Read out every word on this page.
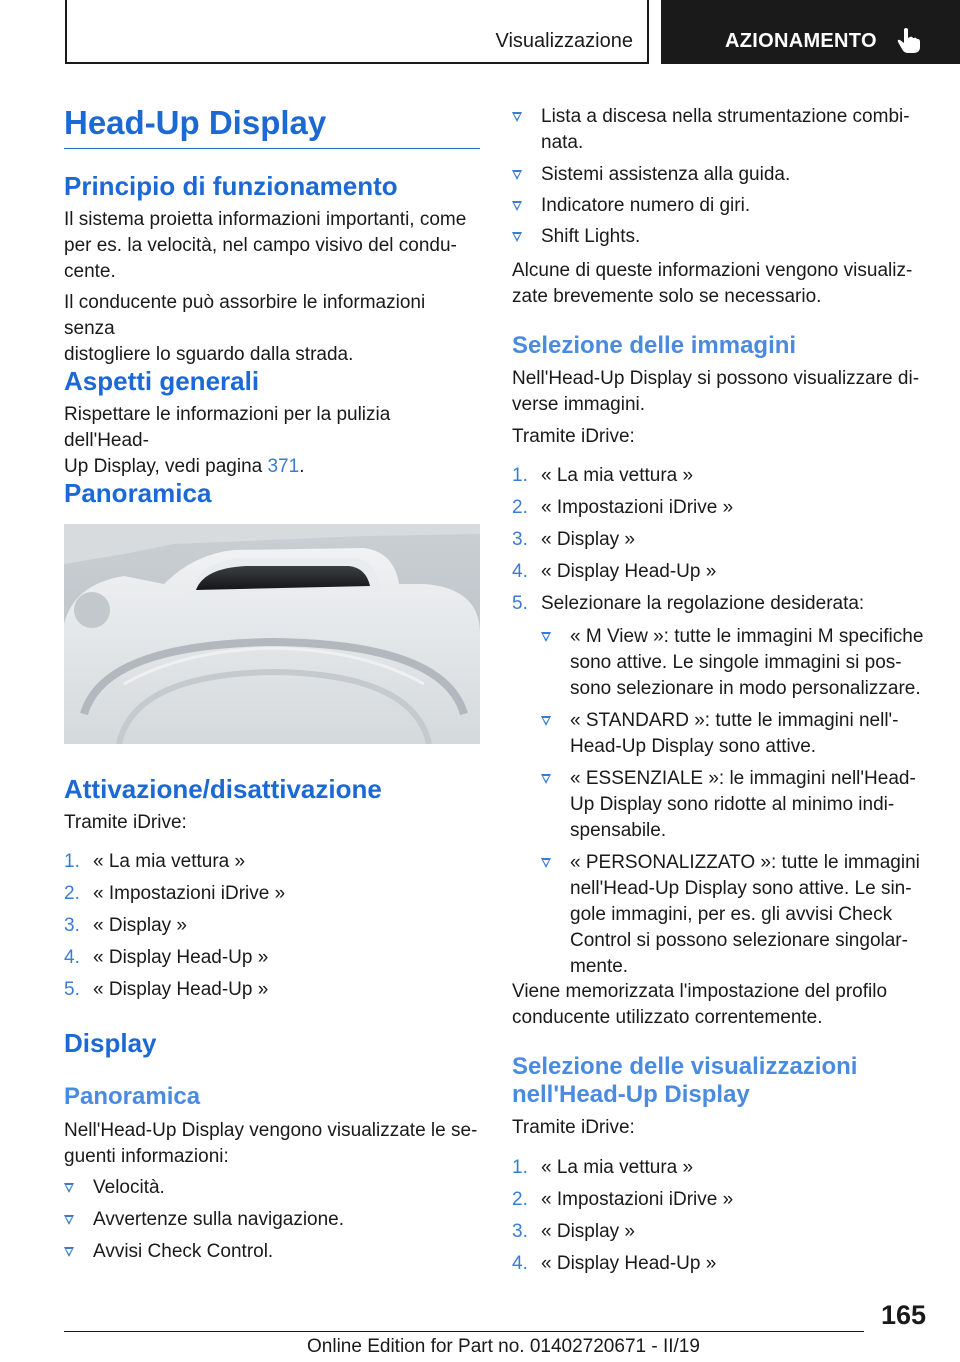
Visualizzazione	AZIONAMENTO
Head-Up Display
Principio di funzionamento
Il sistema proietta informazioni importanti, come
per es. la velocità, nel campo visivo del condu-
cente.
Il conducente può assorbire le informazioni senza
distogliere lo sguardo dalla strada.
Aspetti generali
Rispettare le informazioni per la pulizia dell'Head-
Up Display, vedi pagina 371.
Panoramica
Attivazione/disattivazione
Tramite iDrive:
1. « La mia vettura »
2. « Impostazioni iDrive »
3. « Display »
4. « Display Head-Up »
5. « Display Head-Up »
Display
Panoramica
Nell'Head-Up Display vengono visualizzate le se-
guenti informazioni:
Velocità.
Avvertenze sulla navigazione.
Avvisi Check Control.
Lista a discesa nella strumentazione combi-
nata.
Sistemi assistenza alla guida.
Indicatore numero di giri.
Shift Lights.
Alcune di queste informazioni vengono visualiz-
zate brevemente solo se necessario.
Selezione delle immagini
Nell'Head-Up Display si possono visualizzare di-
verse immagini.
Tramite iDrive:
1. « La mia vettura »
2. « Impostazioni iDrive »
3. « Display »
4. « Display Head-Up »
5. Selezionare la regolazione desiderata:
« M View »: tutte le immagini M specifiche
sono attive. Le singole immagini si pos-
sono selezionare in modo personalizzare.
« STANDARD »: tutte le immagini nell'-
Head-Up Display sono attive.
« ESSENZIALE »: le immagini nell'Head-
Up Display sono ridotte al minimo indi-
spensabile.
« PERSONALIZZATO »: tutte le immagini
nell'Head-Up Display sono attive. Le sin-
gole immagini, per es. gli avvisi Check
Control si possono selezionare singolar-
mente.
Viene memorizzata l'impostazione del profilo
conducente utilizzato correntemente.
Selezione delle visualizzazioni
nell'Head-Up Display
Tramite iDrive:
1. « La mia vettura »
2. « Impostazioni iDrive »
3. « Display »
4. « Display Head-Up »
165
Online Edition for Part no. 01402720671 - II/19
